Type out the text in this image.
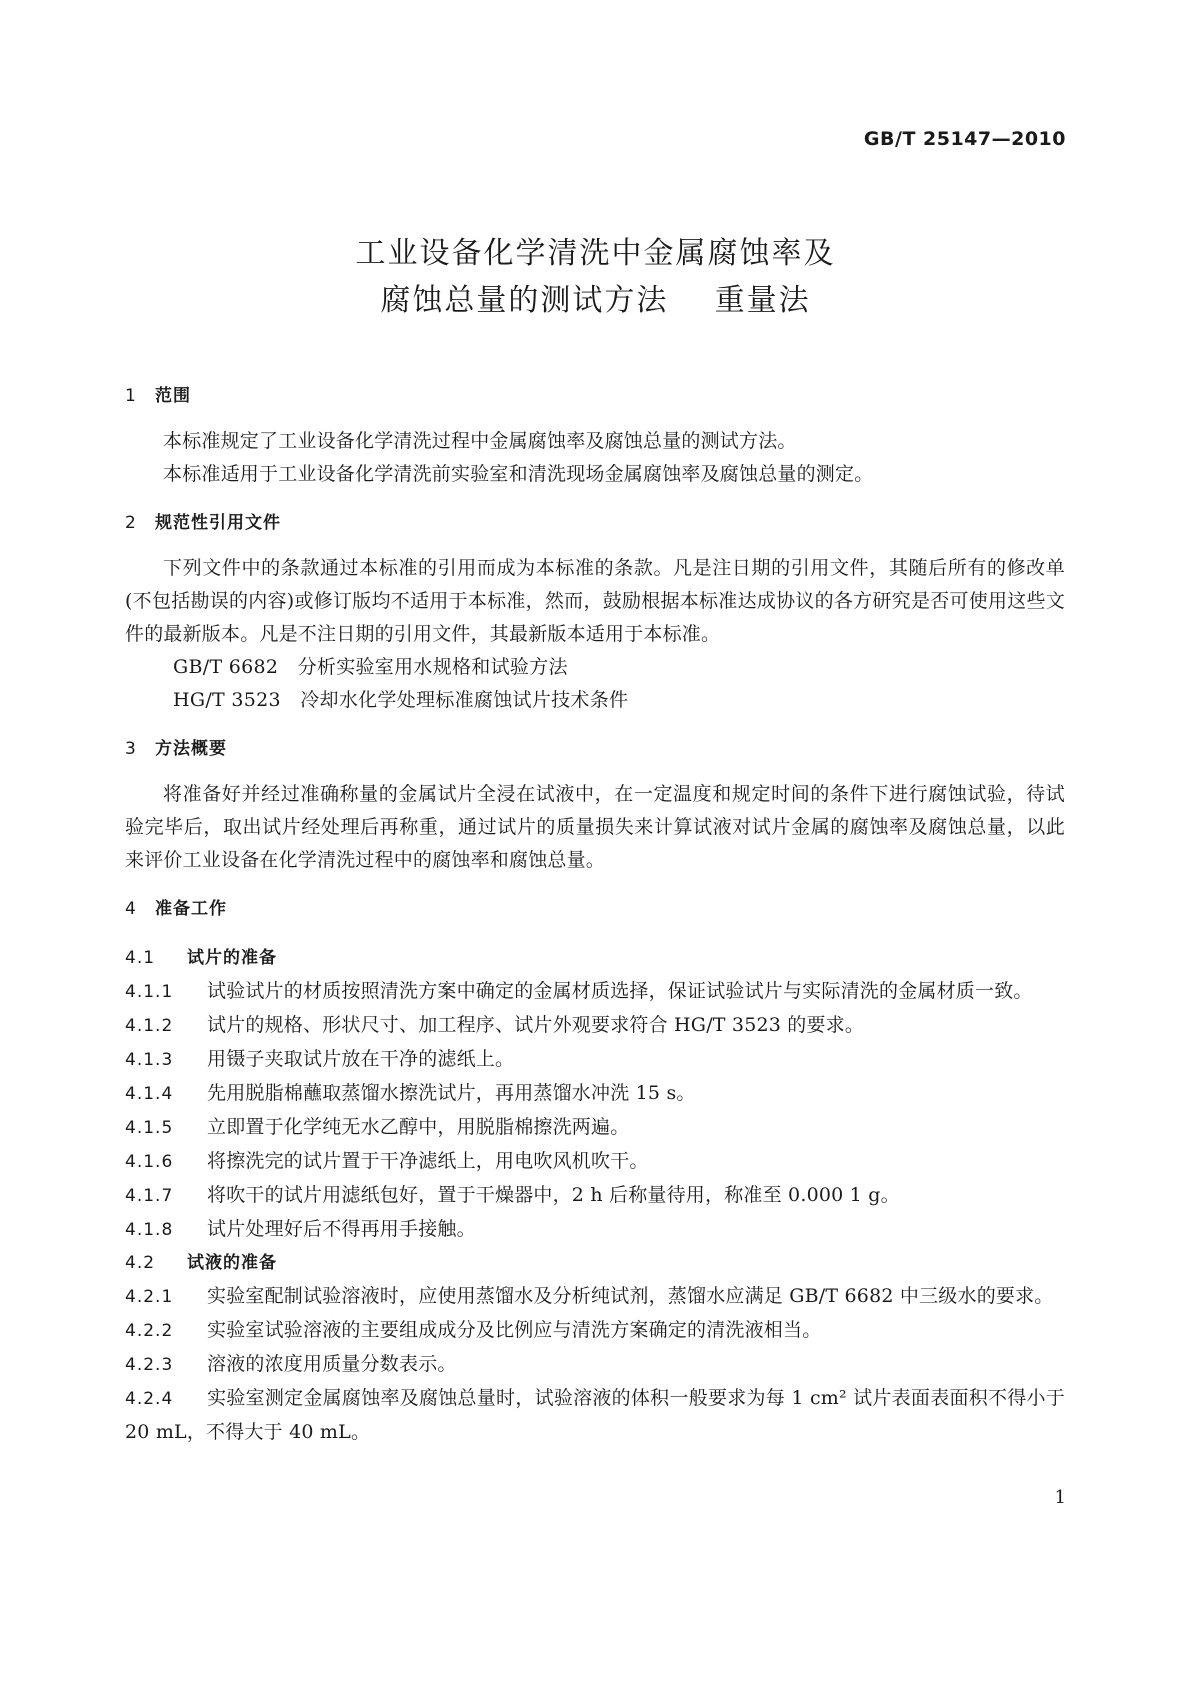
GB/T 25147—2010
工业设备化学清洗中金属腐蚀率及
腐蚀总量的测试方法    重量法
1 范围
本标准规定了工业设备化学清洗过程中金属腐蚀率及腐蚀总量的测试方法。
本标准适用于工业设备化学清洗前实验室和清洗现场金属腐蚀率及腐蚀总量的测定。
2 规范性引用文件
下列文件中的条款通过本标准的引用而成为本标准的条款。凡是注日期的引用文件，其随后所有的修改单(不包括勘误的内容)或修订版均不适用于本标准，然而，鼓励根据本标准达成协议的各方研究是否可使用这些文件的最新版本。凡是不注日期的引用文件，其最新版本适用于本标准。
GB/T 6682　分析实验室用水规格和试验方法
HG/T 3523　冷却水化学处理标准腐蚀试片技术条件
3 方法概要
将准备好并经过准确称量的金属试片全浸在试液中，在一定温度和规定时间的条件下进行腐蚀试验，待试验完毕后，取出试片经处理后再称重，通过试片的质量损失来计算试液对试片金属的腐蚀率及腐蚀总量，以此来评价工业设备在化学清洗过程中的腐蚀率和腐蚀总量。
4 准备工作
4.1 试片的准备
4.1.1 试验试片的材质按照清洗方案中确定的金属材质选择，保证试验试片与实际清洗的金属材质一致。
4.1.2 试片的规格、形状尺寸、加工程序、试片外观要求符合 HG/T 3523 的要求。
4.1.3 用镊子夹取试片放在干净的滤纸上。
4.1.4 先用脱脂棉蘸取蒸馏水擦洗试片，再用蒸馏水冲洗 15 s。
4.1.5 立即置于化学纯无水乙醇中，用脱脂棉擦洗两遍。
4.1.6 将擦洗完的试片置于干净滤纸上，用电吹风机吹干。
4.1.7 将吹干的试片用滤纸包好，置于干燥器中，2 h 后称量待用，称准至 0.000 1 g。
4.1.8 试片处理好后不得再用手接触。
4.2 试液的准备
4.2.1 实验室配制试验溶液时，应使用蒸馏水及分析纯试剂，蒸馏水应满足 GB/T 6682 中三级水的要求。
4.2.2 实验室试验溶液的主要组成成分及比例应与清洗方案确定的清洗液相当。
4.2.3 溶液的浓度用质量分数表示。
4.2.4 实验室测定金属腐蚀率及腐蚀总量时，试验溶液的体积一般要求为每 1 cm² 试片表面表面积不得小于 20 mL，不得大于 40 mL。
1
